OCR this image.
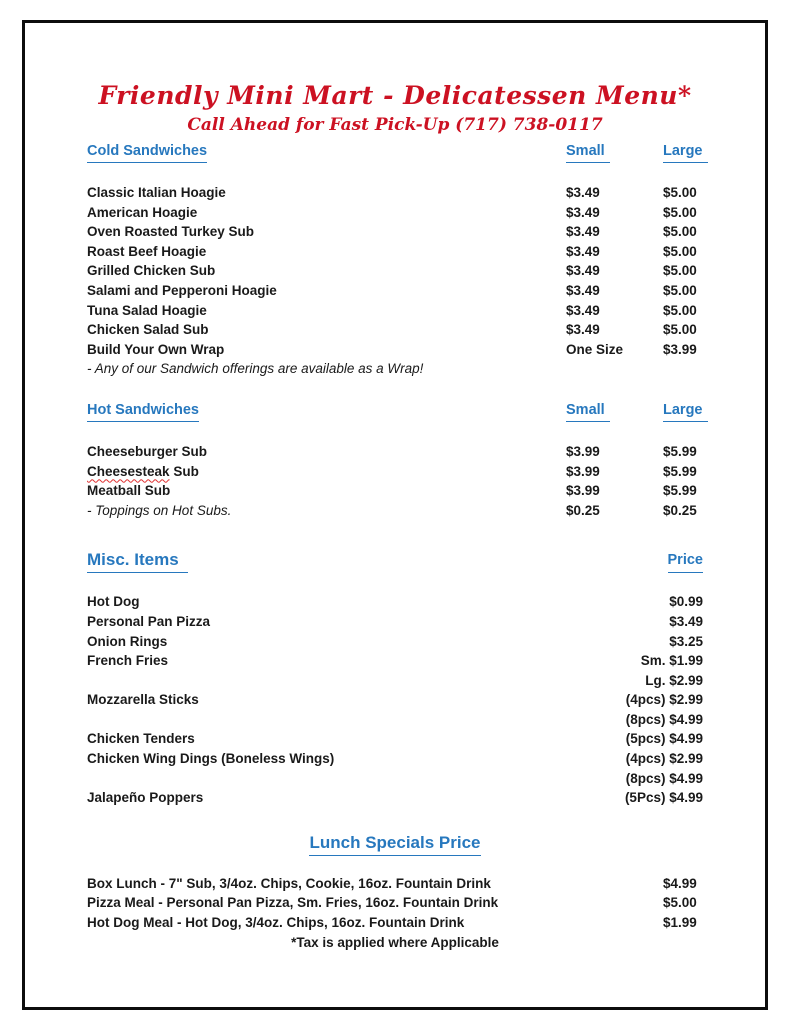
Friendly Mini Mart - Delicatessen Menu*
Call Ahead for Fast Pick-Up (717) 738-0117
Cold Sandwiches	Small	Large
Classic Italian Hoagie	$3.49	$5.00
American Hoagie	$3.49	$5.00
Oven Roasted Turkey Sub	$3.49	$5.00
Roast Beef Hoagie	$3.49	$5.00
Grilled Chicken Sub	$3.49	$5.00
Salami and Pepperoni Hoagie	$3.49	$5.00
Tuna Salad Hoagie	$3.49	$5.00
Chicken Salad Sub	$3.49	$5.00
Build Your Own Wrap	One Size	$3.99
- Any of our Sandwich offerings are available as a Wrap!
Hot Sandwiches	Small	Large
Cheeseburger Sub	$3.99	$5.99
Cheesesteak Sub	$3.99	$5.99
Meatball Sub	$3.99	$5.99
- Toppings on Hot Subs.	$0.25	$0.25
Misc. Items	Price
Hot Dog	$0.99
Personal Pan Pizza	$3.49
Onion Rings	$3.25
French Fries	Sm. $1.99
Lg. $2.99
Mozzarella Sticks	(4pcs) $2.99
(8pcs) $4.99
Chicken Tenders	(5pcs) $4.99
Chicken Wing Dings (Boneless Wings)	(4pcs) $2.99
(8pcs) $4.99
Jalapeño Poppers	(5Pcs) $4.99
Lunch Specials Price
Box Lunch - 7" Sub, 3/4oz. Chips, Cookie, 16oz. Fountain Drink	$4.99
Pizza Meal - Personal Pan Pizza, Sm. Fries, 16oz. Fountain Drink	$5.00
Hot Dog Meal - Hot Dog, 3/4oz. Chips, 16oz. Fountain Drink	$1.99
*Tax is applied where Applicable
